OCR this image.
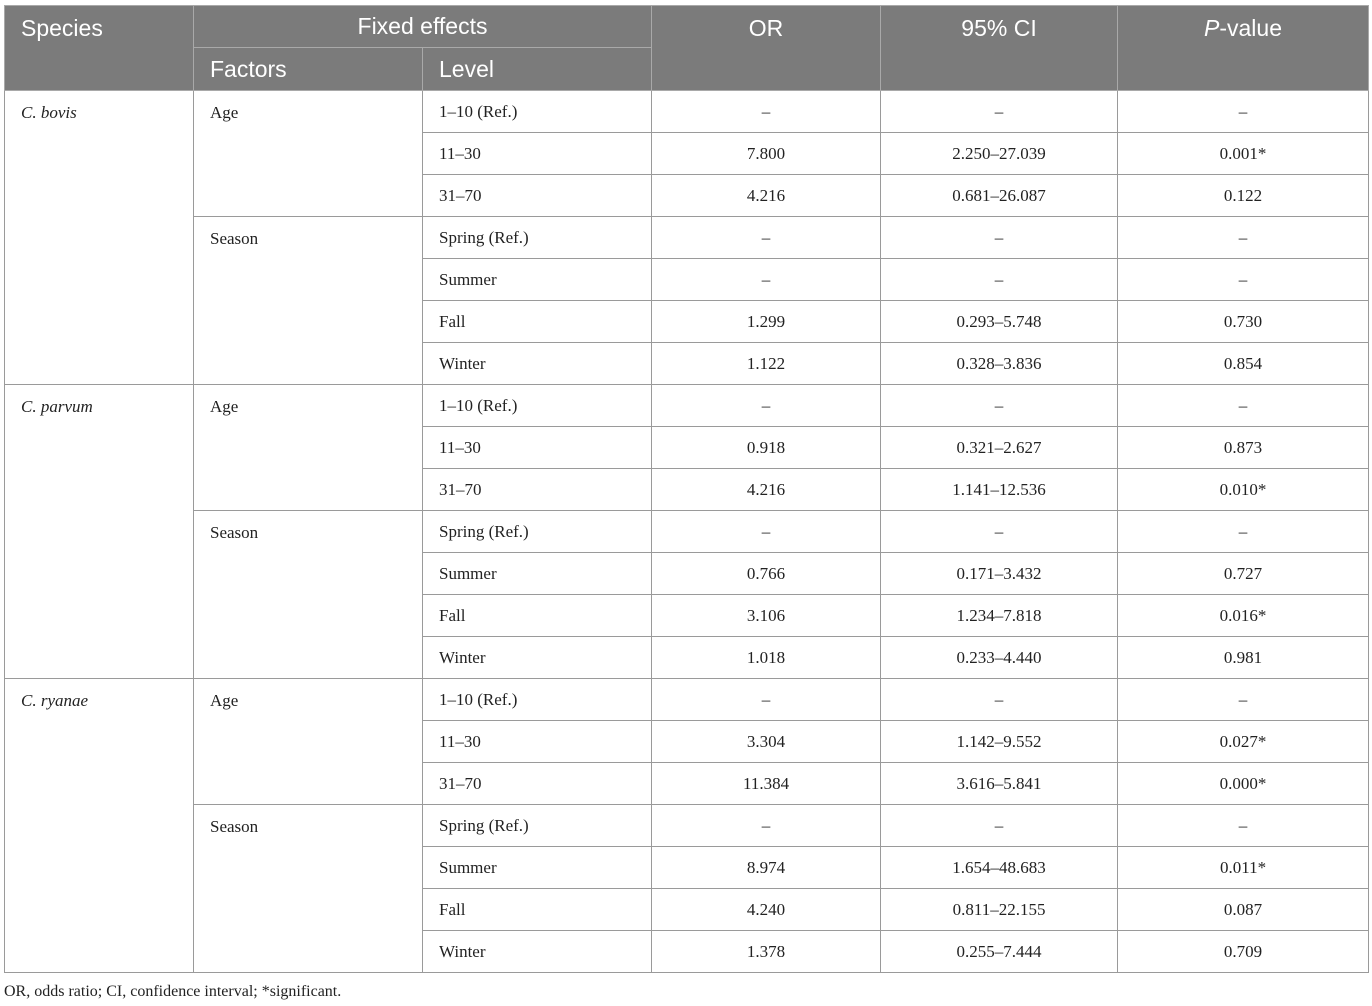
Species	Fixed effects		OR	95% CI	P-value
	Factors	Level			
C. bovis	Age	1–10 (Ref.)	–	–	–
		11–30	7.800	2.250–27.039	0.001*
		31–70	4.216	0.681–26.087	0.122
	Season	Spring (Ref.)	–	–	–
		Summer	–	–	–
		Fall	1.299	0.293–5.748	0.730
		Winter	1.122	0.328–3.836	0.854
C. parvum	Age	1–10 (Ref.)	–	–	–
		11–30	0.918	0.321–2.627	0.873
		31–70	4.216	1.141–12.536	0.010*
	Season	Spring (Ref.)	–	–	–
		Summer	0.766	0.171–3.432	0.727
		Fall	3.106	1.234–7.818	0.016*
		Winter	1.018	0.233–4.440	0.981
C. ryanae	Age	1–10 (Ref.)	–	–	–
		11–30	3.304	1.142–9.552	0.027*
		31–70	11.384	3.616–5.841	0.000*
	Season	Spring (Ref.)	–	–	–
		Summer	8.974	1.654–48.683	0.011*
		Fall	4.240	0.811–22.155	0.087
		Winter	1.378	0.255–7.444	0.709
OR, odds ratio; CI, confidence interval; *significant.
